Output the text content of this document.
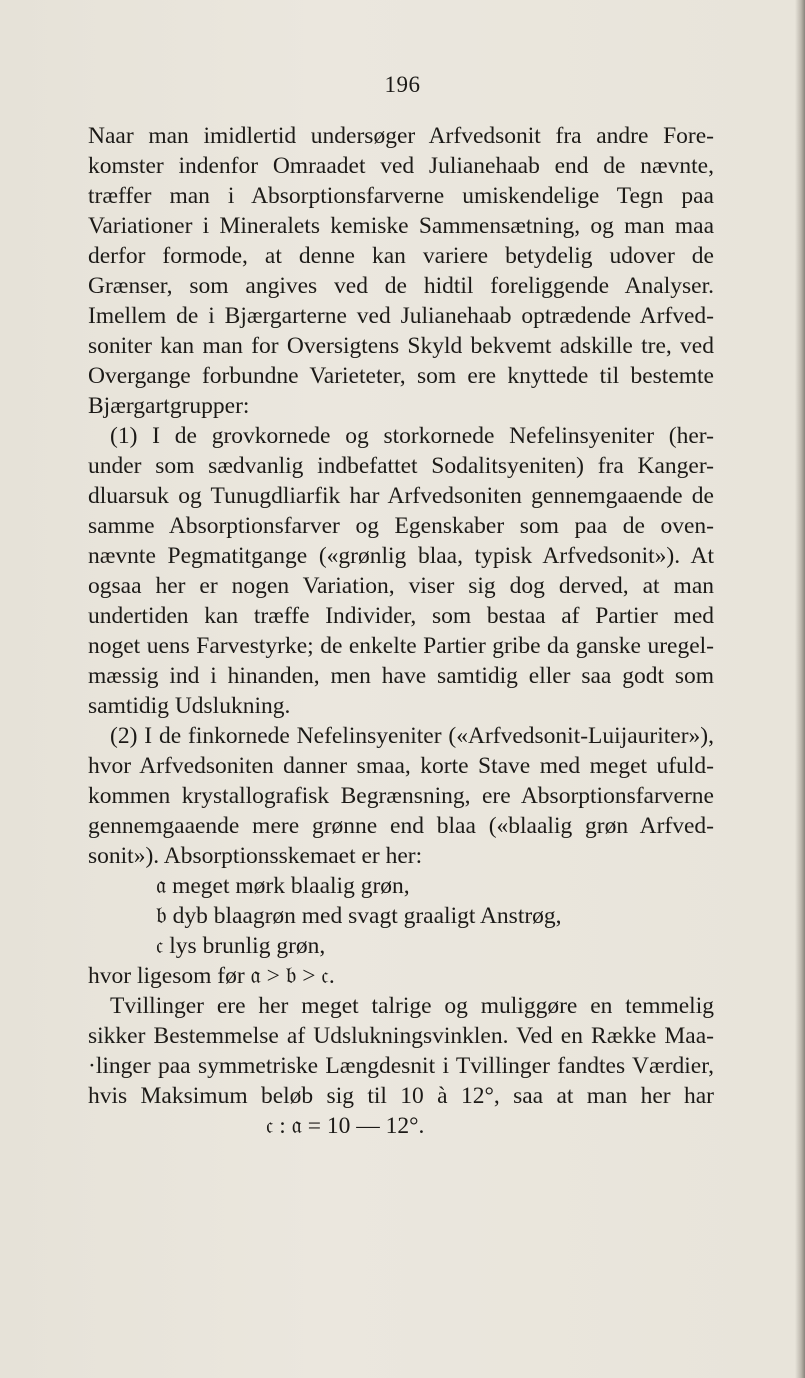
196
Naar man imidlertid undersøger Arfvedsonit fra andre Fore-
komster indenfor Omraadet ved Julianehaab end de nævnte,
træffer man i Absorptionsfarverne umiskendelige Tegn paa
Variationer i Mineralets kemiske Sammensætning, og man maa
derfor formode, at denne kan variere betydelig udover de
Grænser, som angives ved de hidtil foreliggende Analyser.
Imellem de i Bjærgarterne ved Julianehaab optrædende Arfved-
soniter kan man for Oversigtens Skyld bekvemt adskille tre, ved
Overgange forbundne Varieteter, som ere knyttede til bestemte
Bjærgartgrupper:
(1) I de grovkornede og storkornede Nefelinsyeniter (her-
under som sædvanlig indbefattet Sodalitsyeniten) fra Kanger-
dluarsuk og Tunugdliarfik har Arfvedsoniten gennemgaaende de
samme Absorptionsfarver og Egenskaber som paa de oven-
nævnte Pegmatitgange («grønlig blaa, typisk Arfvedsonit»). At
ogsaa her er nogen Variation, viser sig dog derved, at man
undertiden kan træffe Individer, som bestaa af Partier med
noget uens Farvestyrke; de enkelte Partier gribe da ganske uregel-
mæssig ind i hinanden, men have samtidig eller saa godt som
samtidig Udslukning.
(2) I de finkornede Nefelinsyeniter («Arfvedsonit-Luijauriter»),
hvor Arfvedsoniten danner smaa, korte Stave med meget ufuld-
kommen krystallografisk Begrænsning, ere Absorptionsfarverne
gennemgaaende mere grønne end blaa («blaalig grøn Arfved-
sonit»). Absorptionsskemaet er her:
𝔞 meget mørk blaalig grøn,
𝔟 dyb blaagrøn med svagt graaligt Anstrøg,
𝔠 lys brunlig grøn,
hvor ligesom før 𝔞 > 𝔟 > 𝔠.
Tvillinger ere her meget talrige og muliggøre en temmelig
sikker Bestemmelse af Udslukningsvinklen. Ved en Række Maa-
·linger paa symmetriske Længdesnit i Tvillinger fandtes Værdier,
hvis Maksimum beløb sig til 10 à 12°, saa at man her har
𝔠 : 𝔞 = 10 — 12°.
